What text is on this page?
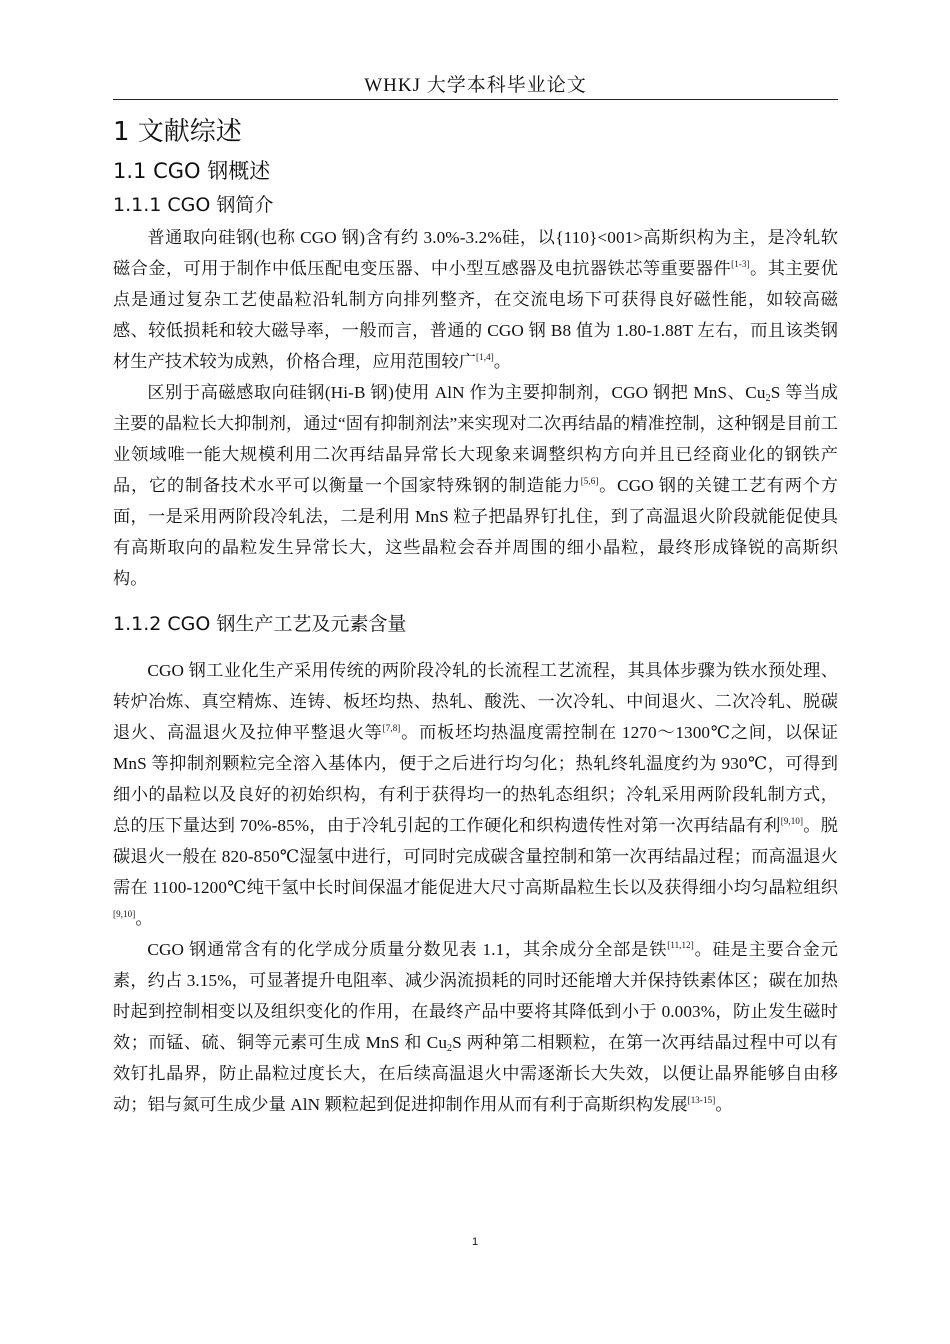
WHKJ 大学本科毕业论文
1 文献综述
1.1 CGO 钢概述
1.1.1 CGO 钢简介

普通取向硅钢(也称 CGO 钢)含有约 3.0%-3.2%硅，以{110}<001>高斯织构为主，是冷轧软磁合金，可用于制作中低压配电变压器、中小型互感器及电抗器铁芯等重要器件[1-3]。其主要优点是通过复杂工艺使晶粒沿轧制方向排列整齐，在交流电场下可获得良好磁性能，如较高磁感、较低损耗和较大磁导率，一般而言，普通的 CGO 钢 B8 值为 1.80-1.88T 左右，而且该类钢材生产技术较为成熟，价格合理，应用范围较广[1,4]。

区别于高磁感取向硅钢(Hi-B 钢)使用 AlN 作为主要抑制剂，CGO 钢把 MnS、$Cu_2S$ 等当成主要的晶粒长大抑制剂，通过“固有抑制剂法”来实现对二次再结晶的精准控制，这种钢是目前工业领域唯一能大规模利用二次再结晶异常长大现象来调整织构方向并且已经商业化的钢铁产品，它的制备技术水平可以衡量一个国家特殊钢的制造能力[5,6]。CGO 钢的关键工艺有两个方面，一是采用两阶段冷轧法，二是利用 MnS 粒子把晶界钉扎住，到了高温退火阶段就能促使具有高斯取向的晶粒发生异常长大，这些晶粒会吞并周围的细小晶粒，最终形成锋锐的高斯织构。

1.1.2 CGO 钢生产工艺及元素含量

CGO 钢工业化生产采用传统的两阶段冷轧的长流程工艺流程，其具体步骤为铁水预处理、转炉冶炼、真空精炼、连铸、板坯均热、热轧、酸洗、一次冷轧、中间退火、二次冷轧、脱碳退火、高温退火及拉伸平整退火等[7,8]。而板坯均热温度需控制在 1270～1300℃之间，以保证 MnS 等抑制剂颗粒完全溶入基体内，便于之后进行均匀化；热轧终轧温度约为 930℃，可得到细小的晶粒以及良好的初始织构，有利于获得均一的热轧态组织；冷轧采用两阶段轧制方式，总的压下量达到 70%-85%，由于冷轧引起的工作硬化和织构遗传性对第一次再结晶有利[9,10]。脱碳退火一般在 820-850℃湿氢中进行，可同时完成碳含量控制和第一次再结晶过程；而高温退火需在 1100-1200℃纯干氢中长时间保温才能促进大尺寸高斯晶粒生长以及获得细小均匀晶粒组织[9,10]。

CGO 钢通常含有的化学成分质量分数见表 1.1，其余成分全部是铁[11,12]。硅是主要合金元素，约占 3.15%，可显著提升电阻率、减少涡流损耗的同时还能增大并保持铁素体区；碳在加热时起到控制相变以及组织变化的作用，在最终产品中要将其降低到小于 0.003%，防止发生磁时效；而锰、硫、铜等元素可生成 MnS 和 $Cu_2S$ 两种第二相颗粒，在第一次再结晶过程中可以有效钉扎晶界，防止晶粒过度长大，在后续高温退火中需逐渐长大失效，以便让晶界能够自由移动；铝与氮可生成少量 AlN 颗粒起到促进抑制作用从而有利于高斯织构发展[13-15]。

1
